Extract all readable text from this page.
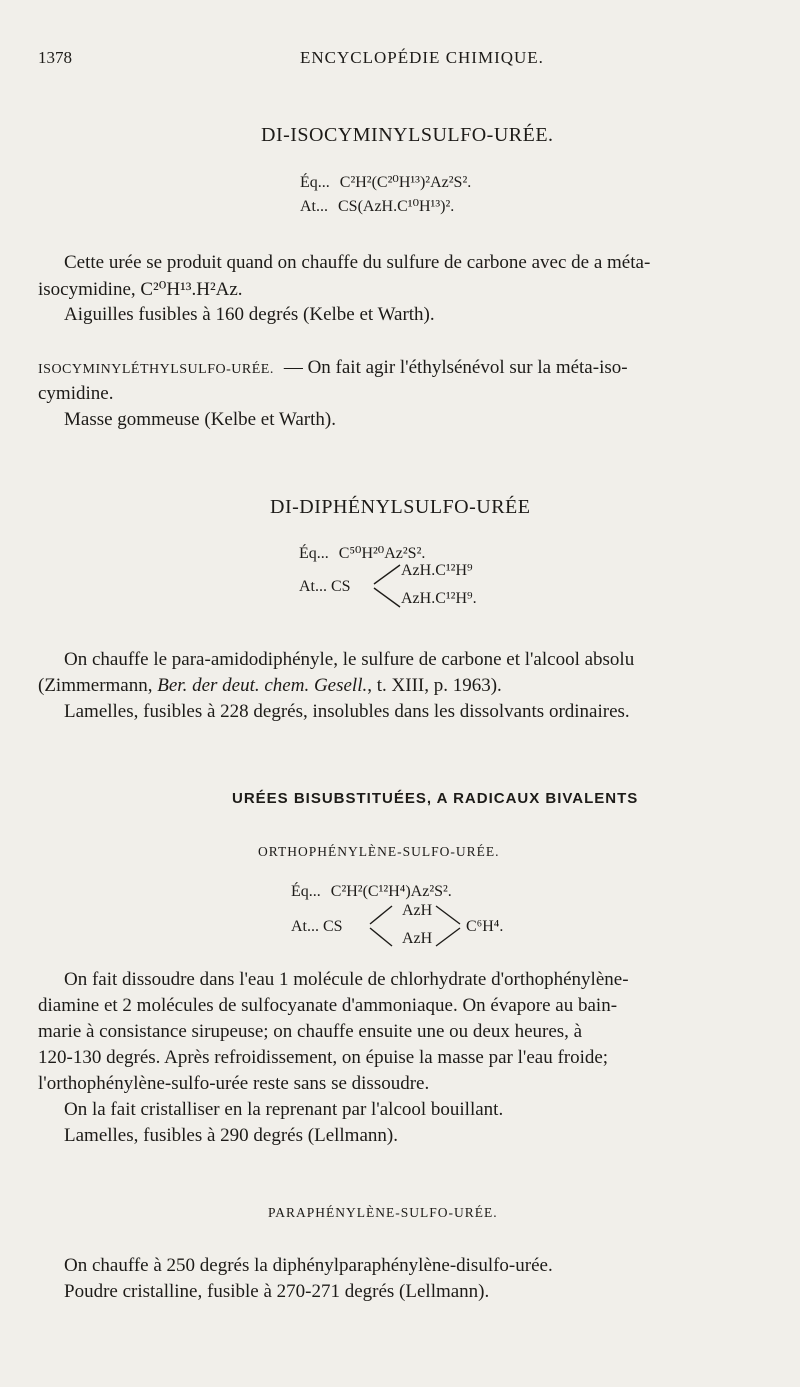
1378	ENCYCLOPÉDIE CHIMIQUE.
DI-ISOCYMINYLSULFO-URÉE.
Éq... C²H²(C²⁰H¹³)²Az²S².
At... CS(AzH.C¹⁰H¹³)².
Cette urée se produit quand on chauffe du sulfure de carbone avec de a méta-
isocymidine, C²⁰H¹³.H²Az.
Aiguilles fusibles à 160 degrés (Kelbe et Warth).
ISOCYMINYLÉTHYLSULFO-URÉE. — On fait agir l'éthylsénévol sur la méta-iso-
cymidine.
Masse gommeuse (Kelbe et Warth).
DI-DIPHÉNYLSULFO-URÉE
Éq... C⁵⁰H²⁰Az²S².
At... CS
AzH.C¹²H⁹
AzH.C¹²H⁹.
On chauffe le para-amidodiphényle, le sulfure de carbone et l'alcool absolu
(Zimmermann, Ber. der deut. chem. Gesell., t. XIII, p. 1963).
Lamelles, fusibles à 228 degrés, insolubles dans les dissolvants ordinaires.
URÉES BISUBSTITUÉES, A RADICAUX BIVALENTS
ORTHOPHÉNYLÈNE-SULFO-URÉE.
Éq... C²H²(C¹²H⁴)Az²S².
At... CS
AzH
AzH
C⁶H⁴.
On fait dissoudre dans l'eau 1 molécule de chlorhydrate d'orthophénylène-
diamine et 2 molécules de sulfocyanate d'ammoniaque. On évapore au bain-
marie à consistance sirupeuse; on chauffe ensuite une ou deux heures, à
120-130 degrés. Après refroidissement, on épuise la masse par l'eau froide;
l'orthophénylène-sulfo-urée reste sans se dissoudre.
On la fait cristalliser en la reprenant par l'alcool bouillant.
Lamelles, fusibles à 290 degrés (Lellmann).
PARAPHÉNYLÈNE-SULFO-URÉE.
On chauffe à 250 degrés la diphénylparaphénylène-disulfo-urée.
Poudre cristalline, fusible à 270-271 degrés (Lellmann).
